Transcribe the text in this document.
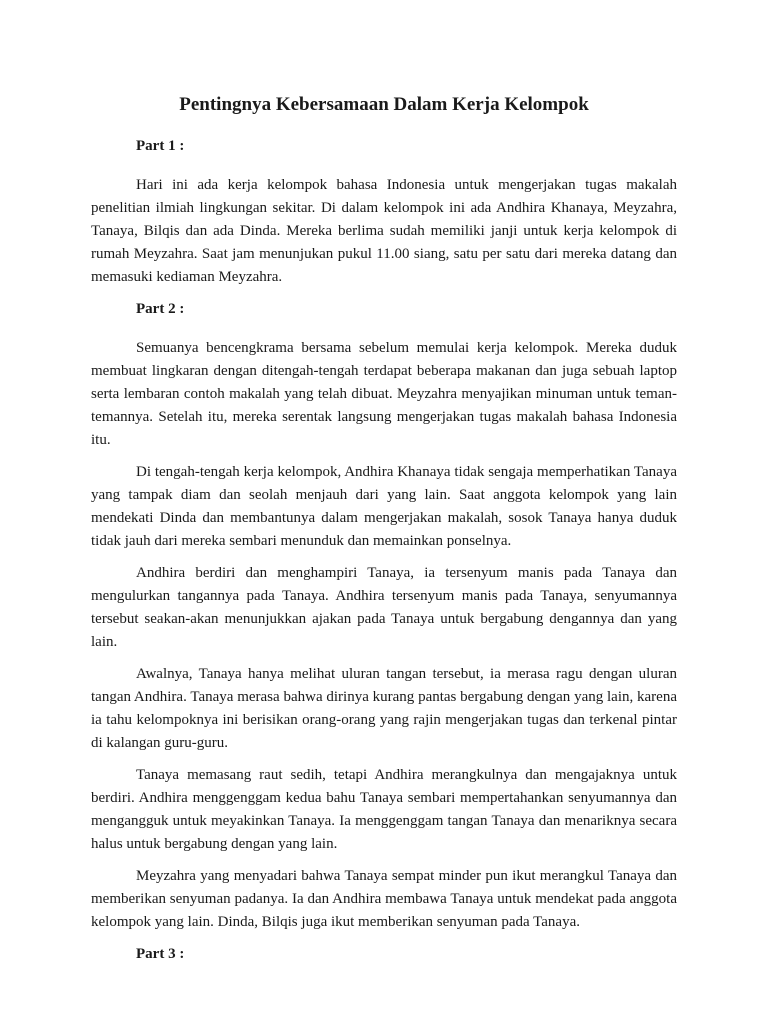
Pentingnya Kebersamaan Dalam Kerja Kelompok
Part 1 :

Hari ini ada kerja kelompok bahasa Indonesia untuk mengerjakan tugas makalah penelitian ilmiah lingkungan sekitar. Di dalam kelompok ini ada Andhira Khanaya, Meyzahra, Tanaya, Bilqis dan ada Dinda. Mereka berlima sudah memiliki janji untuk kerja kelompok di rumah Meyzahra. Saat jam menunjukan pukul 11.00 siang, satu per satu dari mereka datang dan memasuki kediaman Meyzahra.

Part 2 :

Semuanya bencengkrama bersama sebelum memulai kerja kelompok. Mereka duduk membuat lingkaran dengan ditengah-tengah terdapat beberapa makanan dan juga sebuah laptop serta lembaran contoh makalah yang telah dibuat. Meyzahra menyajikan minuman untuk teman-temannya. Setelah itu, mereka serentak langsung mengerjakan tugas makalah bahasa Indonesia itu.

Di tengah-tengah kerja kelompok, Andhira Khanaya tidak sengaja memperhatikan Tanaya yang tampak diam dan seolah menjauh dari yang lain. Saat anggota kelompok yang lain mendekati Dinda dan membantunya dalam mengerjakan makalah, sosok Tanaya hanya duduk tidak jauh dari mereka sembari menunduk dan memainkan ponselnya.

Andhira berdiri dan menghampiri Tanaya, ia tersenyum manis pada Tanaya dan mengulurkan tangannya pada Tanaya. Andhira tersenyum manis pada Tanaya, senyumannya tersebut seakan-akan menunjukkan ajakan pada Tanaya untuk bergabung dengannya dan yang lain.

Awalnya, Tanaya hanya melihat uluran tangan tersebut, ia merasa ragu dengan uluran tangan Andhira. Tanaya merasa bahwa dirinya kurang pantas bergabung dengan yang lain, karena ia tahu kelompoknya ini berisikan orang-orang yang rajin mengerjakan tugas dan terkenal pintar di kalangan guru-guru.

Tanaya memasang raut sedih, tetapi Andhira merangkulnya dan mengajaknya untuk berdiri. Andhira menggenggam kedua bahu Tanaya sembari mempertahankan senyumannya dan mengangguk untuk meyakinkan Tanaya. Ia menggenggam tangan Tanaya dan menariknya secara halus untuk bergabung dengan yang lain.

Meyzahra yang menyadari bahwa Tanaya sempat minder pun ikut merangkul Tanaya dan memberikan senyuman padanya. Ia dan Andhira membawa Tanaya untuk mendekat pada anggota kelompok yang lain. Dinda, Bilqis juga ikut memberikan senyuman pada Tanaya.

Part 3 :
